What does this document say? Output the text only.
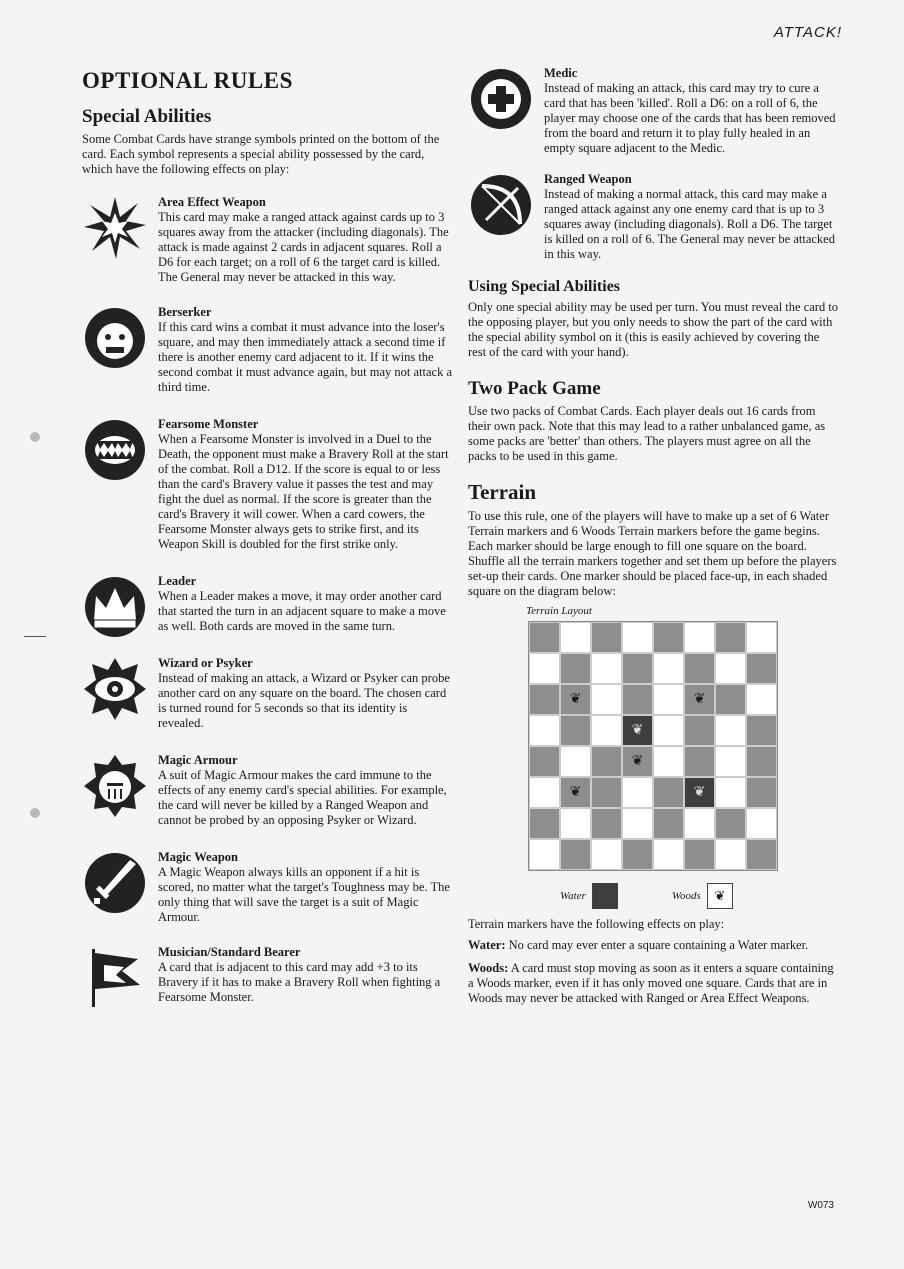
ATTACK!
OPTIONAL RULES
Special Abilities

Some Combat Cards have strange symbols printed on the bottom of the card. Each symbol represents a special ability possessed by the card, which have the following effects on play:

Area Effect Weapon

This card may make a ranged attack against cards up to 3 squares away from the attacker (including diagonals). The attack is made against 2 cards in adjacent squares. Roll a D6 for each target; on a roll of 6 the target card is killed. The General may never be attacked in this way.

Berserker

If this card wins a combat it must advance into the loser's square, and may then immediately attack a second time if there is another enemy card adjacent to it. If it wins the second combat it must advance again, but may not attack a third time.

Fearsome Monster

When a Fearsome Monster is involved in a Duel to the Death, the opponent must make a Bravery Roll at the start of the combat. Roll a D12. If the score is equal to or less than the card's Bravery value it passes the test and may fight the duel as normal. If the score is greater than the card's Bravery it will cower. When a card cowers, the Fearsome Monster always gets to strike first, and its Weapon Skill is doubled for the first strike only.

Leader

When a Leader makes a move, it may order another card that started the turn in an adjacent square to make a move as well. Both cards are moved in the same turn.

Wizard or Psyker

Instead of making an attack, a Wizard or Psyker can probe another card on any square on the board. The chosen card is turned round for 5 seconds so that its identity is revealed.

Magic Armour

A suit of Magic Armour makes the card immune to the effects of any enemy card's special abilities. For example, the card will never be killed by a Ranged Weapon and cannot be probed by an opposing Psyker or Wizard.

Magic Weapon

A Magic Weapon always kills an opponent if a hit is scored, no matter what the target's Toughness may be. The only thing that will save the target is a suit of Magic Armour.

Musician/Standard Bearer

A card that is adjacent to this card may add +3 to its Bravery if it has to make a Bravery Roll when fighting a Fearsome Monster.

Medic

Instead of making an attack, this card may try to cure a card that has been 'killed'. Roll a D6: on a roll of 6, the player may choose one of the cards that has been removed from the board and return it to play fully healed in an empty square adjacent to the Medic.

Ranged Weapon

Instead of making a normal attack, this card may make a ranged attack against any one enemy card that is up to 3 squares away (including diagonals). Roll a D6. The target is killed on a roll of 6. The General may never be attacked in this way.

Using Special Abilities

Only one special ability may be used per turn. You must reveal the card to the opposing player, but you only needs to show the part of the card with the special ability symbol on it (this is easily achieved by covering the rest of the card with your hand).

Two Pack Game

Use two packs of Combat Cards. Each player deals out 16 cards from their own pack. Note that this may lead to a rather unbalanced game, as some packs are 'better' than others. The players must agree on all the packs to be used in this game.

Terrain

To use this rule, one of the players will have to make up a set of 6 Water Terrain markers and 6 Woods Terrain markers before the game begins. Each marker should be large enough to fill one square on the board. Shuffle all the terrain markers together and set them up before the players set-up their cards. One marker should be placed face-up, in each shaded square on the diagram below:

Terrain Layout
❦	❦
❦
❦
❦	❦
Water	Woods	❦

Terrain markers have the following effects on play:

Water: No card may ever enter a square containing a Water marker.

Woods: A card must stop moving as soon as it enters a square containing a Woods marker, even if it has only moved one square. Cards that are in Woods may never be attacked with Ranged or Area Effect Weapons.

W073
